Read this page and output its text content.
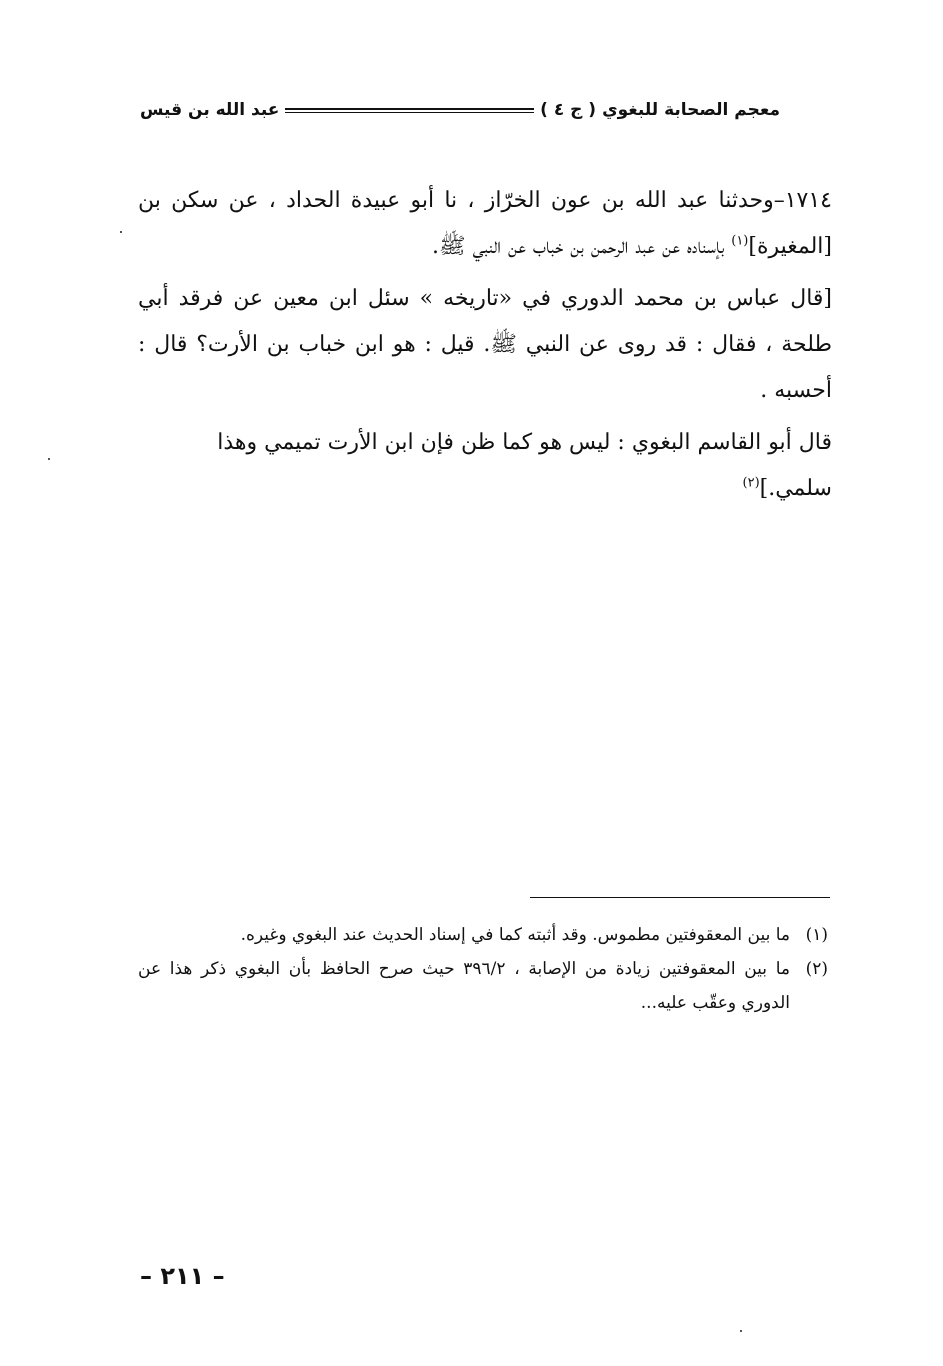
معجم الصحابة للبغوي
( ج ٤ )
عبد الله بن قيس

١٧١٤–وحدثنا عبد الله بن عون الخرّاز ، نا أبو عبيدة الحداد ، عن سكن بن [المغيرة]$^{(١)}$ بإسناده عن عبد الرحمن بن خباب عن النبي ﷺ.

[قال عباس بن محمد الدوري في «تاريخه » سئل ابن معين عن فرقد أبي طلحة ، فقال : قد روى عن النبي ﷺ. قيل : هو ابن خباب بن الأرت؟ قال : أحسبه .

قال أبو القاسم البغوي : ليس هو كما ظن فإن ابن الأرت تميمي وهذا سلمي.]$^{(٢)}$

(١)
ما بين المعقوفتين مطموس. وقد أثبته كما في إسناد الحديث عند البغوي وغيره.
(٢)
ما بين المعقوفتين زيادة من الإصابة ، ٣٩٦/٢ حيث صرح الحافظ بأن البغوي ذكر هذا عن الدوري وعقّب عليه...
– ٢١١ –
